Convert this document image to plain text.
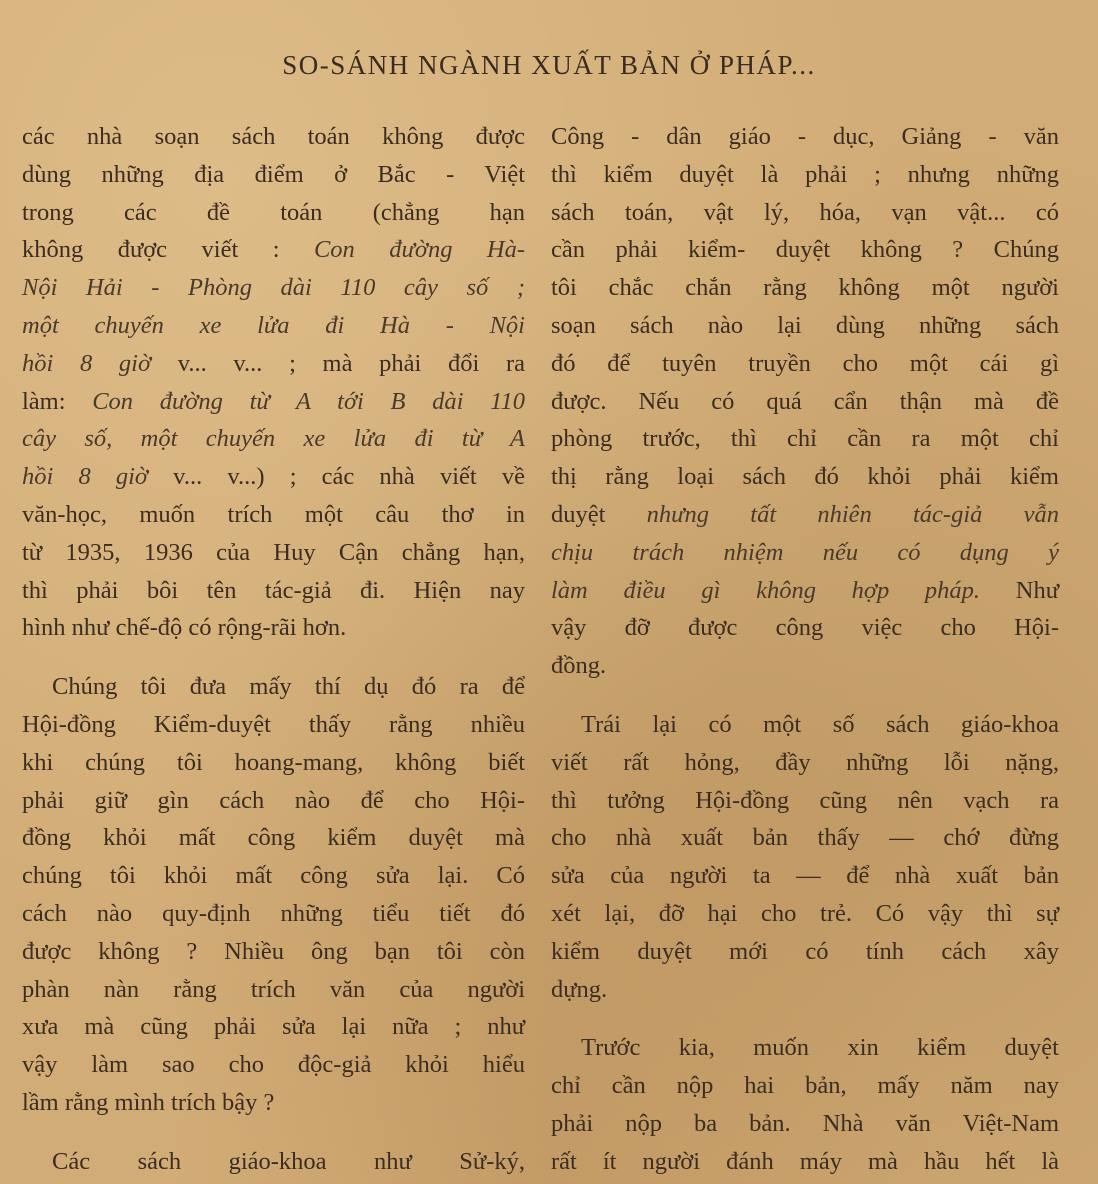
SO-SÁNH NGÀNH XUẤT BẢN Ở PHÁP...
các nhà soạn sách toán không được
dùng những địa điểm ở Bắc - Việt
trong các đề toán (chẳng hạn
không được viết : Con đường Hà-
Nội Hải - Phòng dài 110 cây số ;
một chuyến xe lửa đi Hà - Nội
hồi 8 giờ v... v... ; mà phải đổi ra
làm: Con đường từ A tới B dài 110
cây số, một chuyến xe lửa đi từ A
hồi 8 giờ v... v...) ; các nhà viết về
văn-học, muốn trích một câu thơ in
từ 1935, 1936 của Huy Cận chẳng hạn,
thì phải bôi tên tác-giả đi. Hiện nay
hình như chế-độ có rộng-rãi hơn.
Chúng tôi đưa mấy thí dụ đó ra để
Hội-đồng Kiểm-duyệt thấy rằng nhiều
khi chúng tôi hoang-mang, không biết
phải giữ gìn cách nào để cho Hội-
đồng khỏi mất công kiểm duyệt mà
chúng tôi khỏi mất công sửa lại. Có
cách nào quy-định những tiểu tiết đó
được không ? Nhiều ông bạn tôi còn
phàn nàn rằng trích văn của người
xưa mà cũng phải sửa lại nữa ; như
vậy làm sao cho độc-giả khỏi hiểu
lầm rằng mình trích bậy ?
Các sách giáo-khoa như Sử-ký,
Công - dân giáo - dục, Giảng - văn
thì kiểm duyệt là phải ; nhưng những
sách toán, vật lý, hóa, vạn vật... có
cần phải kiểm- duyệt không ? Chúng
tôi chắc chắn rằng không một người
soạn sách nào lại dùng những sách
đó để tuyên truyền cho một cái gì
được. Nếu có quá cẩn thận mà đề
phòng trước, thì chỉ cần ra một chỉ
thị rằng loại sách đó khỏi phải kiểm
duyệt nhưng tất nhiên tác-giả vẫn
chịu trách nhiệm nếu có dụng ý
làm điều gì không hợp pháp. Như
vậy đỡ được công việc cho Hội-
đồng.
Trái lại có một số sách giáo-khoa
viết rất hỏng, đầy những lỗi nặng,
thì tưởng Hội-đồng cũng nên vạch ra
cho nhà xuất bản thấy — chớ đừng
sửa của người ta — để nhà xuất bản
xét lại, đỡ hại cho trẻ. Có vậy thì sự
kiểm duyệt mới có tính cách xây
dựng.
Trước kia, muốn xin kiểm duyệt
chỉ cần nộp hai bản, mấy năm nay
phải nộp ba bản. Nhà văn Việt-Nam
rất ít người đánh máy mà hầu hết là
